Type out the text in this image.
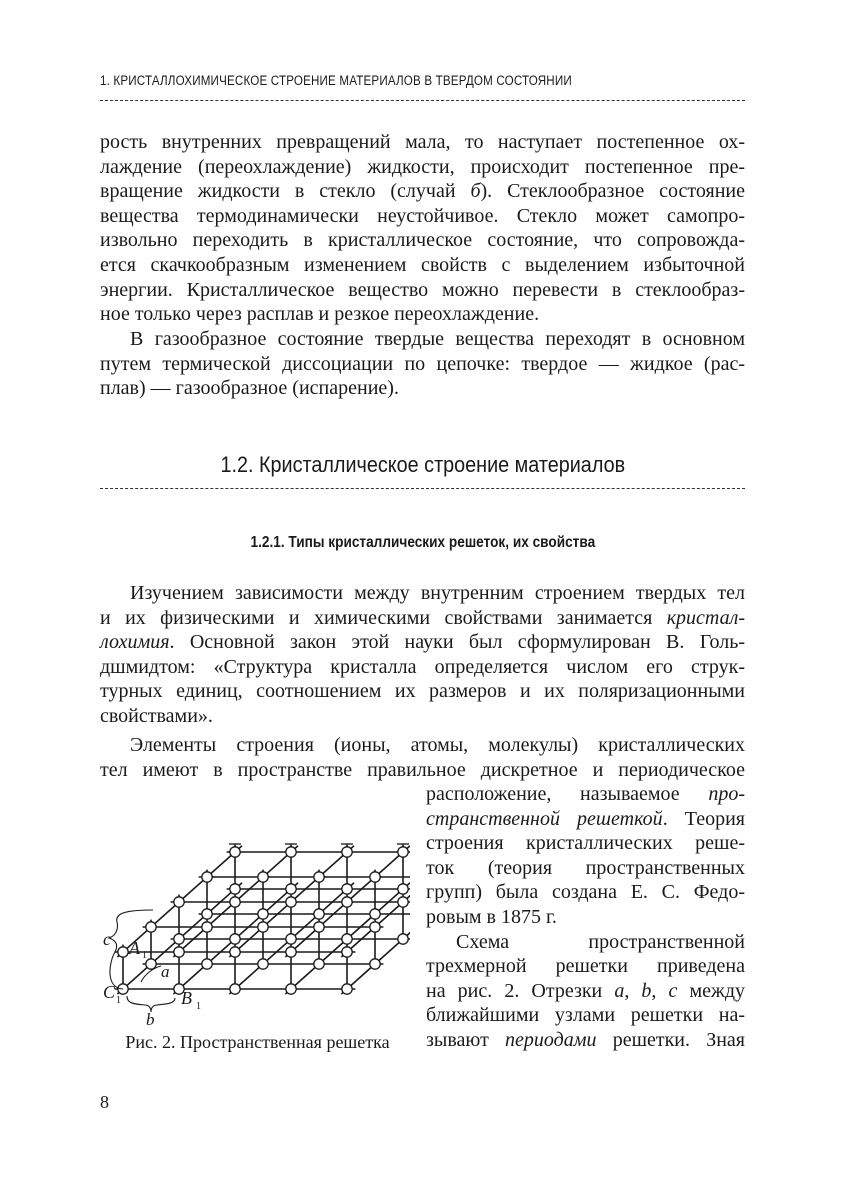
1. КРИСТАЛЛОХИМИЧЕСКОЕ СТРОЕНИЕ МАТЕРИАЛОВ В ТВЕРДОМ СОСТОЯНИИ
рость внутренних превращений мала, то наступает постепенное ох-
лаждение (переохлаждение) жидкости, происходит постепенное пре-
вращение жидкости в стекло (случай б). Стеклообразное состояние
вещества термодинамически неустойчивое. Стекло может самопро-
извольно переходить в кристаллическое состояние, что сопровожда-
ется скачкообразным изменением свойств с выделением избыточной
энергии. Кристаллическое вещество можно перевести в стеклообраз-
ное только через расплав и резкое переохлаждение.
В газообразное состояние твердые вещества переходят в основном
путем термической диссоциации по цепочке: твердое — жидкое (рас-
плав) — газообразное (испарение).
1.2. Кристаллическое строение материалов
1.2.1. Типы кристаллических решеток, их свойства
Изучением зависимости между внутренним строением твердых тел
и их физическими и химическими свойствами занимается кристал-
лохимия. Основной закон этой науки был сформулирован В. Голь-
дшмидтом: «Структура кристалла определяется числом его струк-
турных единиц, соотношением их размеров и их поляризационными
свойствами».
Элементы строения (ионы, атомы, молекулы) кристаллических
тел имеют в пространстве правильное дискретное и периодическое
c A 1
a
C 1
b
B 1
Рис. 2. Пространственная решетка
расположение, называемое про-
странственной решеткой. Теория
строения кристаллических реше-
ток (теория пространственных
групп) была создана Е. С. Федо-
ровым в 1875 г.
Схема пространственной
трехмерной решетки приведена
на рис. 2. Отрезки a, b, c между
ближайшими узлами решетки на-
зывают периодами решетки. Зная
8
